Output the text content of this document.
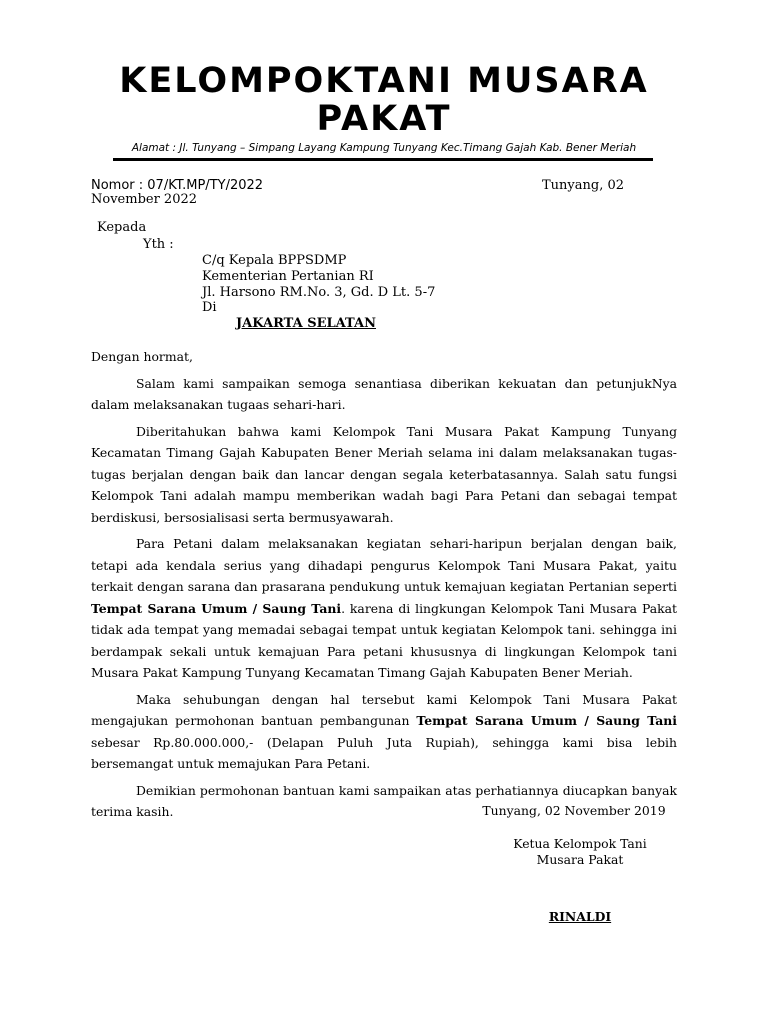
KELOMPOKTANI MUSARA PAKAT
Alamat : Jl. Tunyang – Simpang Layang Kampung Tunyang Kec.Timang Gajah Kab. Bener Meriah
Nomor : 07/KT.MP/TY/2022	Tunyang, 02
November 2022
Kepada
Yth :
C/q Kepala BPPSDMP
Kementerian Pertanian RI
Jl. Harsono RM.No. 3, Gd. D Lt. 5-7
Di
JAKARTA SELATAN

Dengan hormat,

Salam kami sampaikan semoga senantiasa diberikan kekuatan dan petunjukNya dalam melaksanakan tugaas sehari-hari.

Diberitahukan bahwa kami Kelompok Tani Musara Pakat Kampung Tunyang Kecamatan Timang Gajah Kabupaten Bener Meriah selama ini dalam melaksanakan tugas-tugas berjalan dengan baik dan lancar dengan segala keterbatasannya. Salah satu fungsi Kelompok Tani adalah mampu memberikan wadah bagi Para Petani dan sebagai tempat berdiskusi, bersosialisasi serta bermusyawarah.

Para Petani dalam melaksanakan kegiatan sehari-haripun berjalan dengan baik, tetapi ada kendala serius yang dihadapi pengurus Kelompok Tani Musara Pakat, yaitu terkait dengan sarana dan prasarana pendukung untuk kemajuan kegiatan Pertanian seperti Tempat Sarana Umum / Saung Tani. karena di lingkungan Kelompok Tani Musara Pakat tidak ada tempat yang memadai sebagai tempat untuk kegiatan Kelompok tani. sehingga ini berdampak sekali untuk kemajuan Para petani khususnya di lingkungan Kelompok tani Musara Pakat Kampung Tunyang Kecamatan Timang Gajah Kabupaten Bener Meriah.

Maka sehubungan dengan hal tersebut kami Kelompok Tani Musara Pakat mengajukan permohonan bantuan pembangunan Tempat Sarana Umum / Saung Tani sebesar Rp.80.000.000,- (Delapan Puluh Juta Rupiah), sehingga kami bisa lebih bersemangat untuk memajukan Para Petani.

Demikian permohonan bantuan kami sampaikan atas perhatiannya diucapkan banyak terima kasih.	Tunyang, 02 November 2019
Ketua Kelompok Tani
Musara Pakat
RINALDI
